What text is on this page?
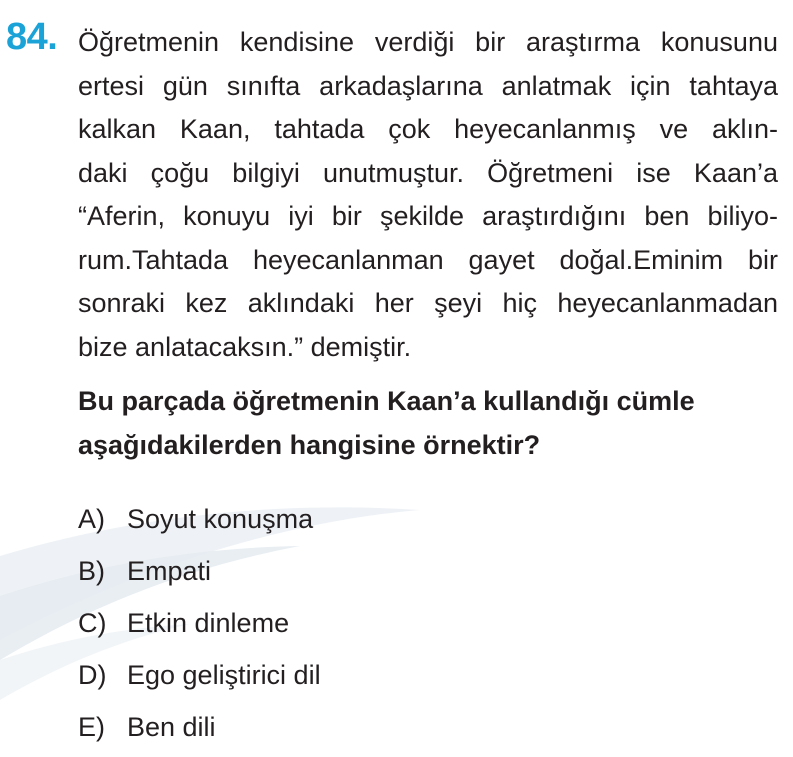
84. Öğretmenin kendisine verdiği bir araştırma konusunu
ertesi gün sınıfta arkadaşlarına anlatmak için tahtaya
kalkan Kaan, tahtada çok heyecanlanmış ve aklın-
daki çoğu bilgiyi unutmuştur. Öğretmeni ise Kaan’a
“Aferin, konuyu iyi bir şekilde araştırdığını ben biliyo-
rum.Tahtada heyecanlanman gayet doğal.Eminim bir
sonraki kez aklındaki her şeyi hiç heyecanlanmadan
bize anlatacaksın.” demiştir.
Bu parçada öğretmenin Kaan’a kullandığı cümle
aşağıdakilerden hangisine örnektir?
A) Soyut konuşma
B) Empati
C) Etkin dinleme
D) Ego geliştirici dil
E) Ben dili
